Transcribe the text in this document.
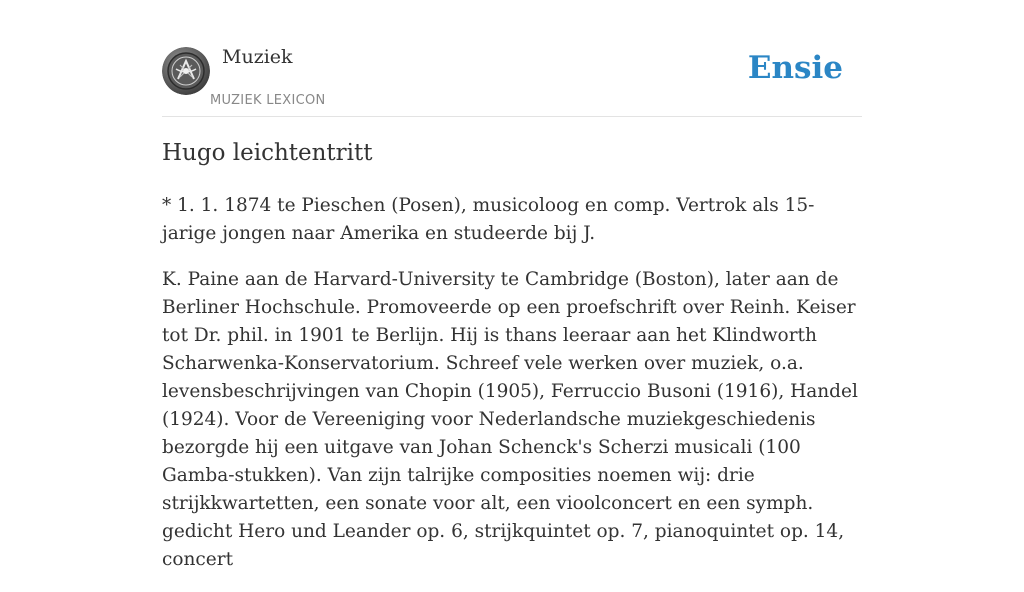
Muziek
MUZIEK LEXICON
Ensie
Hugo leichtentritt

* 1. 1. 1874 te Pieschen (Posen), musicoloog en comp. Vertrok als 15-jarige jongen naar Amerika en studeerde bij J.

K. Paine aan de Harvard-University te Cambridge (Boston), later aan de Berliner Hochschule. Promoveerde op een proefschrift over Reinh. Keiser tot Dr. phil. in 1901 te Berlijn. Hij is thans leeraar aan het Klindworth Scharwenka-Konservatorium. Schreef vele werken over muziek, o.a. levensbeschrijvingen van Chopin (1905), Ferruccio Busoni (1916), Handel (1924). Voor de Vereeniging voor Nederlandsche muziekgeschiedenis bezorgde hij een uitgave van Johan Schenck's Scherzi musicali (100 Gamba-stukken). Van zijn talrijke composities noemen wij: drie strijkkwartetten, een sonate voor alt, een vioolconcert en een symph. gedicht Hero und Leander op. 6, strijkquintet op. 7, pianoquintet op. 14, concert
